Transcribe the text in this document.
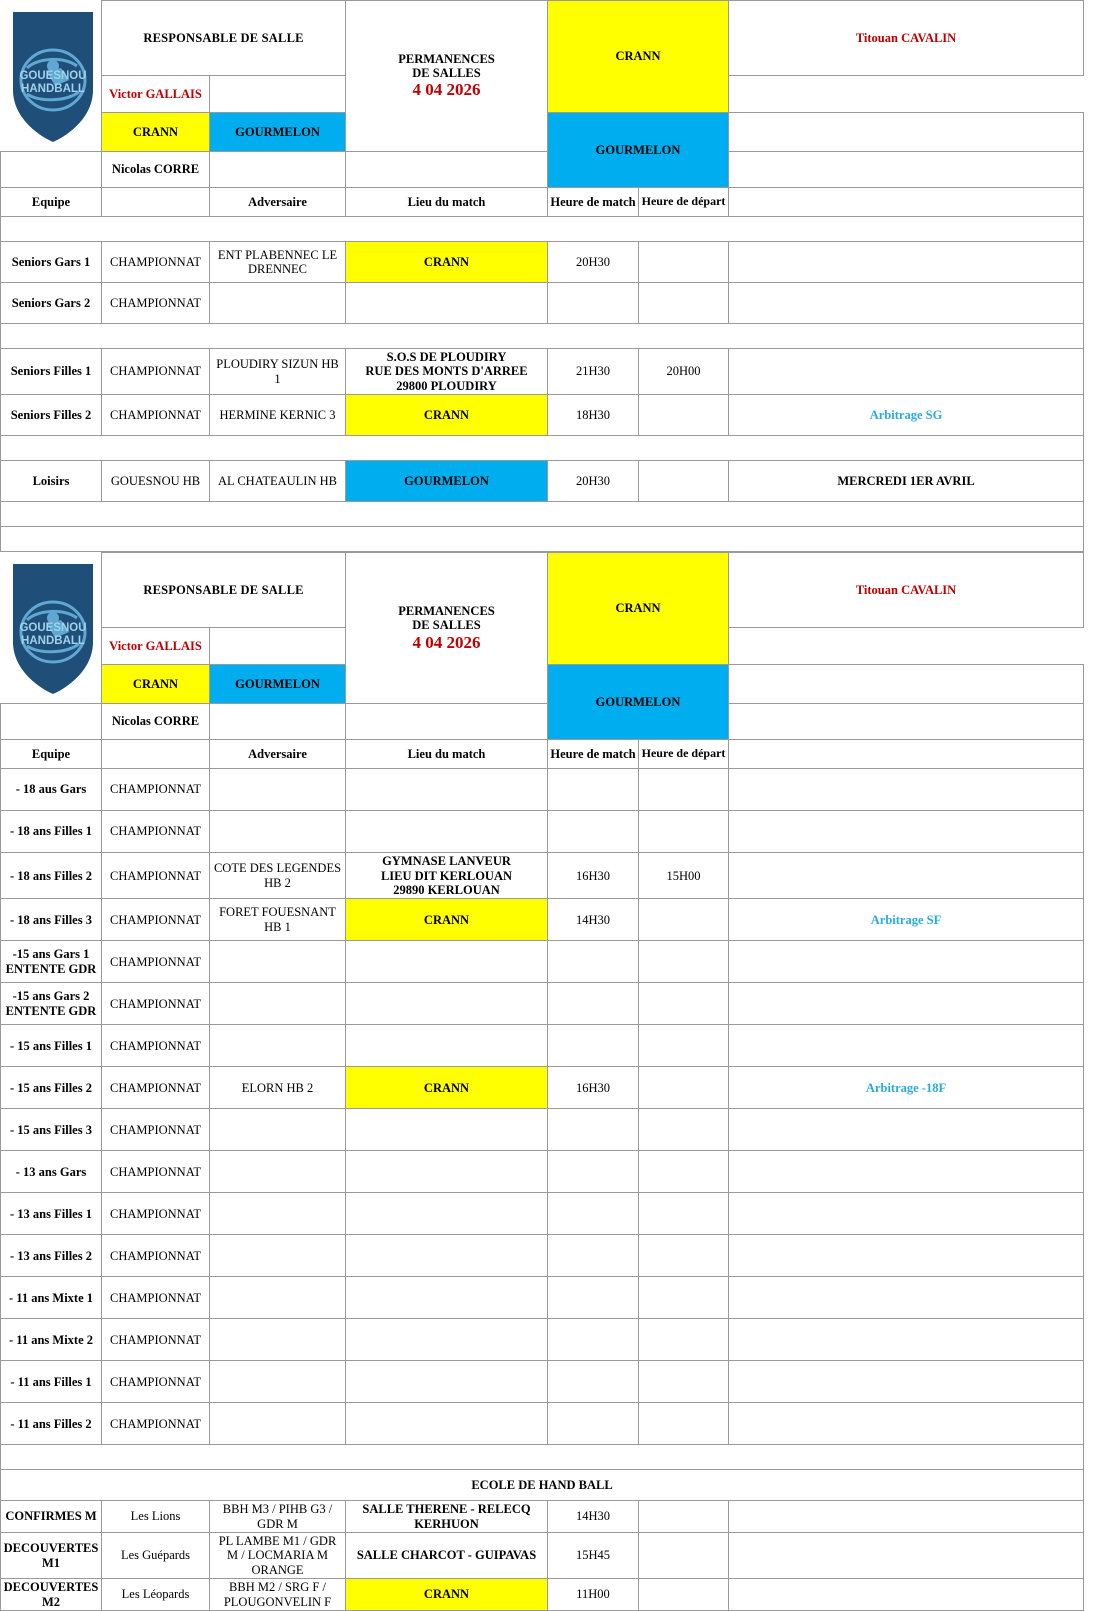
GOUESNOU
HANDBALL
	RESPONSABLE DE SALLE	
PERMANENCES
DE SALLES
4 04 2026
	CRANN	Titouan CAVALIN
	Victor GALLAIS					
	CRANN	GOURMELON		GOURMELON		
	Nicolas CORRE					
Equipe		Adversaire	Lieu du match	Heure de match	Heure de départ	

Seniors Gars 1	CHAMPIONNAT	ENT PLABENNEC LE DRENNEC	CRANN	20H30		
Seniors Gars 2	CHAMPIONNAT					

Seniors Filles 1	CHAMPIONNAT	PLOUDIRY SIZUN HB 1	S.O.S DE PLOUDIRY
RUE DES MONTS D'ARREE
29800 PLOUDIRY	21H30	20H00	
Seniors Filles 2	CHAMPIONNAT	HERMINE KERNIC 3	CRANN	18H30		Arbitrage SG

Loisirs	GOUESNOU HB	AL CHATEAULIN HB	GOURMELON	20H30		MERCREDI 1ER AVRIL

GOUESNOU
HANDBALL
	RESPONSABLE DE SALLE	
PERMANENCES
DE SALLES
4 04 2026
	CRANN	Titouan CAVALIN
	Victor GALLAIS					
	CRANN	GOURMELON		GOURMELON		
	Nicolas CORRE					
Equipe		Adversaire	Lieu du match	Heure de match	Heure de départ	
- 18 aus Gars	CHAMPIONNAT					
- 18 ans Filles 1	CHAMPIONNAT					
- 18 ans Filles 2	CHAMPIONNAT	COTE DES LEGENDES HB 2	GYMNASE LANVEUR
LIEU DIT KERLOUAN
29890 KERLOUAN	16H30	15H00	
- 18 ans Filles 3	CHAMPIONNAT	FORET FOUESNANT HB 1	CRANN	14H30		Arbitrage SF
-15 ans Gars 1
ENTENTE GDR	CHAMPIONNAT					
-15 ans Gars 2
ENTENTE GDR	CHAMPIONNAT					
- 15 ans Filles 1	CHAMPIONNAT					
- 15 ans Filles 2	CHAMPIONNAT	ELORN HB 2	CRANN	16H30		Arbitrage -18F
- 15 ans Filles 3	CHAMPIONNAT					
- 13 ans Gars	CHAMPIONNAT					
- 13 ans Filles 1	CHAMPIONNAT					
- 13 ans Filles 2	CHAMPIONNAT					
- 11 ans Mixte 1	CHAMPIONNAT					
- 11 ans Mixte 2	CHAMPIONNAT					
- 11 ans Filles 1	CHAMPIONNAT					
- 11 ans Filles 2	CHAMPIONNAT					

ECOLE DE HAND BALL						
CONFIRMES M	Les Lions	BBH M3 / PIHB G3 / GDR M	SALLE THERENE - RELECQ KERHUON	14H30		
DECOUVERTES M1	Les Guépards	PL LAMBE M1 / GDR M / LOCMARIA M ORANGE	SALLE CHARCOT - GUIPAVAS	15H45		
DECOUVERTES M2	Les Léopards	BBH M2 / SRG F / PLOUGONVELIN F	CRANN	11H00		
